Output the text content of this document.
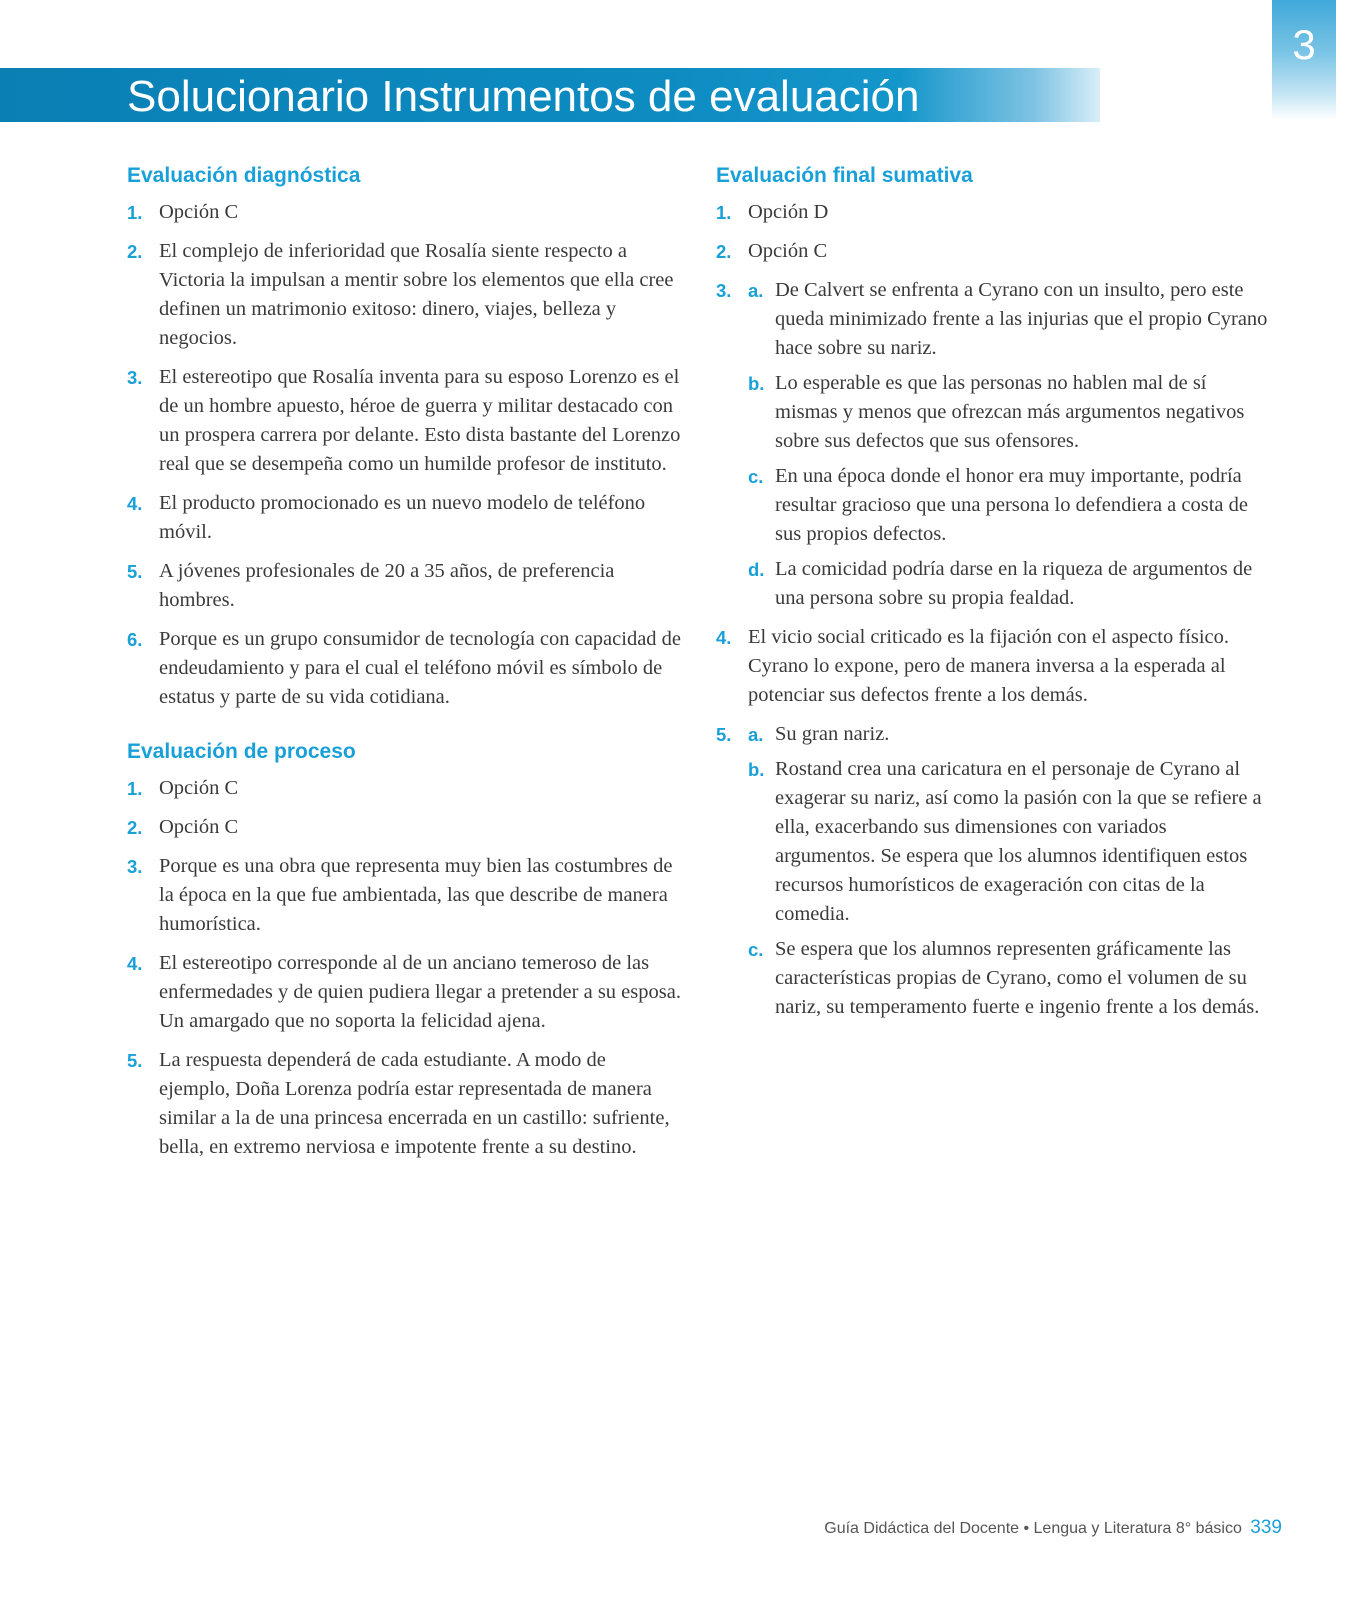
Solucionario Instrumentos de evaluación
3
Evaluación diagnóstica
1. Opción C
2. El complejo de inferioridad que Rosalía siente respecto a Victoria la impulsan a mentir sobre los elementos que ella cree definen un matrimonio exitoso: dinero, viajes, belleza y negocios.
3. El estereotipo que Rosalía inventa para su esposo Lorenzo es el de un hombre apuesto, héroe de guerra y militar destacado con un prospera carrera por delante. Esto dista bastante del Lorenzo real que se desempeña como un humilde profesor de instituto.
4. El producto promocionado es un nuevo modelo de teléfono móvil.
5. A jóvenes profesionales de 20 a 35 años, de preferencia hombres.
6. Porque es un grupo consumidor de tecnología con capacidad de endeudamiento y para el cual el teléfono móvil es símbolo de estatus y parte de su vida cotidiana.
Evaluación de proceso
1. Opción C
2. Opción C
3. Porque es una obra que representa muy bien las costumbres de la época en la que fue ambientada, las que describe de manera humorística.
4. El estereotipo corresponde al de un anciano temeroso de las enfermedades y de quien pudiera llegar a pretender a su esposa. Un amargado que no soporta la felicidad ajena.
5. La respuesta dependerá de cada estudiante. A modo de ejemplo, Doña Lorenza podría estar representada de manera similar a la de una princesa encerrada en un castillo: sufriente, bella, en extremo nerviosa e impotente frente a su destino.
Evaluación final sumativa
1. Opción D
2. Opción C
3. a. De Calvert se enfrenta a Cyrano con un insulto, pero este queda minimizado frente a las injurias que el propio Cyrano hace sobre su nariz.
b. Lo esperable es que las personas no hablen mal de sí mismas y menos que ofrezcan más argumentos negativos sobre sus defectos que sus ofensores.
c. En una época donde el honor era muy importante, podría resultar gracioso que una persona lo defendiera a costa de sus propios defectos.
d. La comicidad podría darse en la riqueza de argumentos de una persona sobre su propia fealdad.
4. El vicio social criticado es la fijación con el aspecto físico. Cyrano lo expone, pero de manera inversa a la esperada al potenciar sus defectos frente a los demás.
5. a. Su gran nariz.
b. Rostand crea una caricatura en el personaje de Cyrano al exagerar su nariz, así como la pasión con la que se refiere a ella, exacerbando sus dimensiones con variados argumentos. Se espera que los alumnos identifiquen estos recursos humorísticos de exageración con citas de la comedia.
c. Se espera que los alumnos representen gráficamente las características propias de Cyrano, como el volumen de su nariz, su temperamento fuerte e ingenio frente a los demás.
Guía Didáctica del Docente • Lengua y Literatura 8° básico 339
